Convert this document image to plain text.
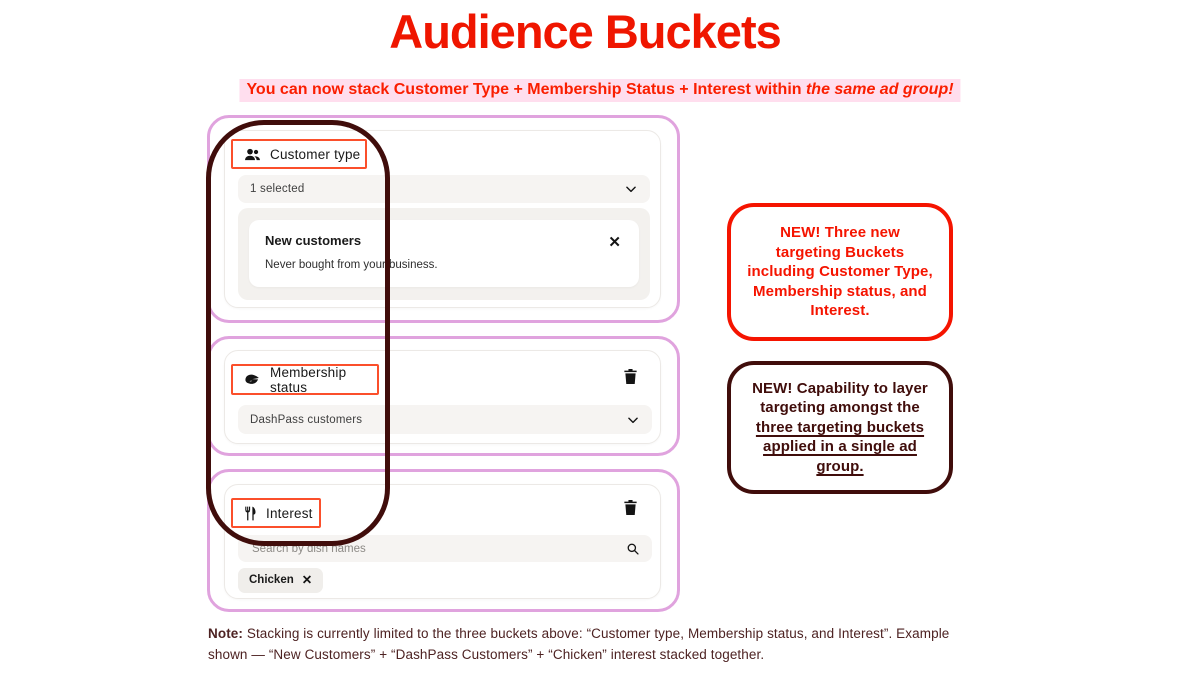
Audience Buckets
You can now stack Customer Type + Membership Status + Interest within the same ad group!
Customer type
1 selected
New customers
Never bought from your business.
✕
Membership status
DashPass customers
Interest
Search by dish names
Chicken ✕
NEW! Three new targeting Buckets including Customer Type, Membership status, and Interest.
NEW! Capability to layer targeting amongst the three targeting buckets applied in a single ad group.
Note: Stacking is currently limited to the three buckets above: “Customer type, Membership status, and Interest”. Example shown — “New Customers” + “DashPass Customers” + “Chicken” interest stacked together.
